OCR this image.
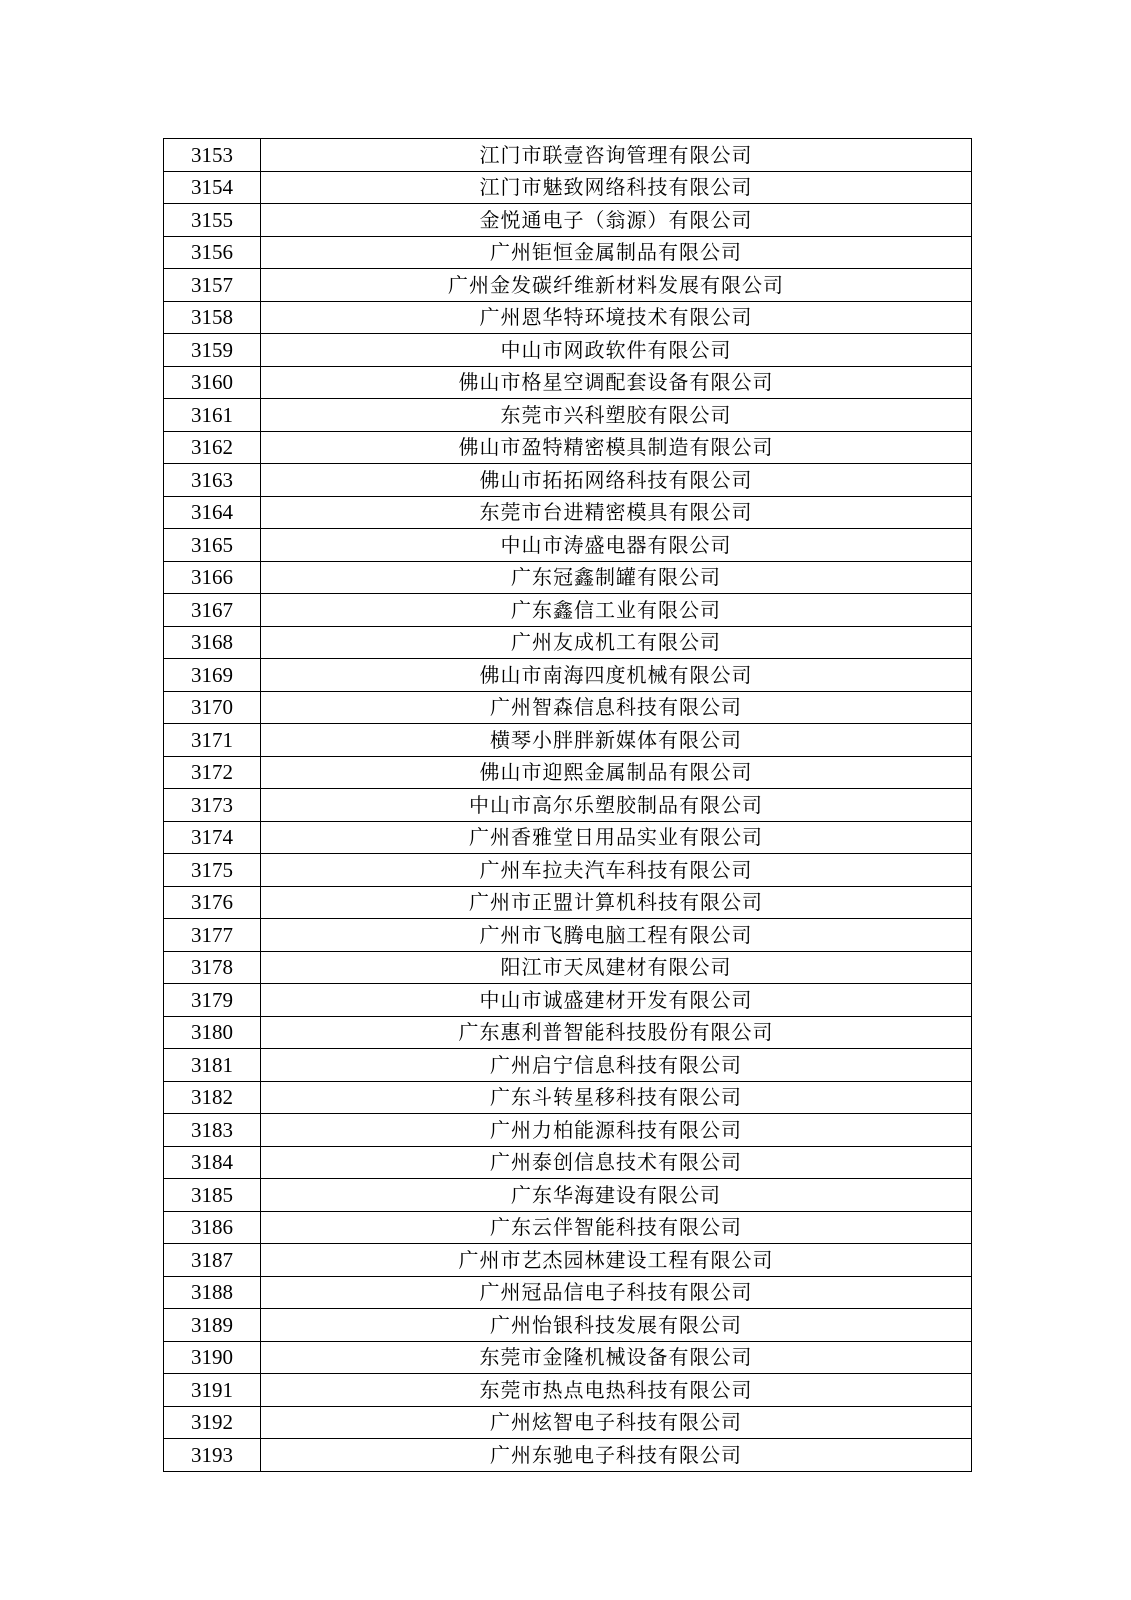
3153	江门市联壹咨询管理有限公司
3154	江门市魅致网络科技有限公司
3155	金悦通电子（翁源）有限公司
3156	广州钜恒金属制品有限公司
3157	广州金发碳纤维新材料发展有限公司
3158	广州恩华特环境技术有限公司
3159	中山市网政软件有限公司
3160	佛山市格星空调配套设备有限公司
3161	东莞市兴科塑胶有限公司
3162	佛山市盈特精密模具制造有限公司
3163	佛山市拓拓网络科技有限公司
3164	东莞市台进精密模具有限公司
3165	中山市涛盛电器有限公司
3166	广东冠鑫制罐有限公司
3167	广东鑫信工业有限公司
3168	广州友成机工有限公司
3169	佛山市南海四度机械有限公司
3170	广州智森信息科技有限公司
3171	横琴小胖胖新媒体有限公司
3172	佛山市迎熙金属制品有限公司
3173	中山市高尔乐塑胶制品有限公司
3174	广州香雅堂日用品实业有限公司
3175	广州车拉夫汽车科技有限公司
3176	广州市正盟计算机科技有限公司
3177	广州市飞腾电脑工程有限公司
3178	阳江市天凤建材有限公司
3179	中山市诚盛建材开发有限公司
3180	广东惠利普智能科技股份有限公司
3181	广州启宁信息科技有限公司
3182	广东斗转星移科技有限公司
3183	广州力柏能源科技有限公司
3184	广州泰创信息技术有限公司
3185	广东华海建设有限公司
3186	广东云伴智能科技有限公司
3187	广州市艺杰园林建设工程有限公司
3188	广州冠品信电子科技有限公司
3189	广州怡银科技发展有限公司
3190	东莞市金隆机械设备有限公司
3191	东莞市热点电热科技有限公司
3192	广州炫智电子科技有限公司
3193	广州东驰电子科技有限公司
